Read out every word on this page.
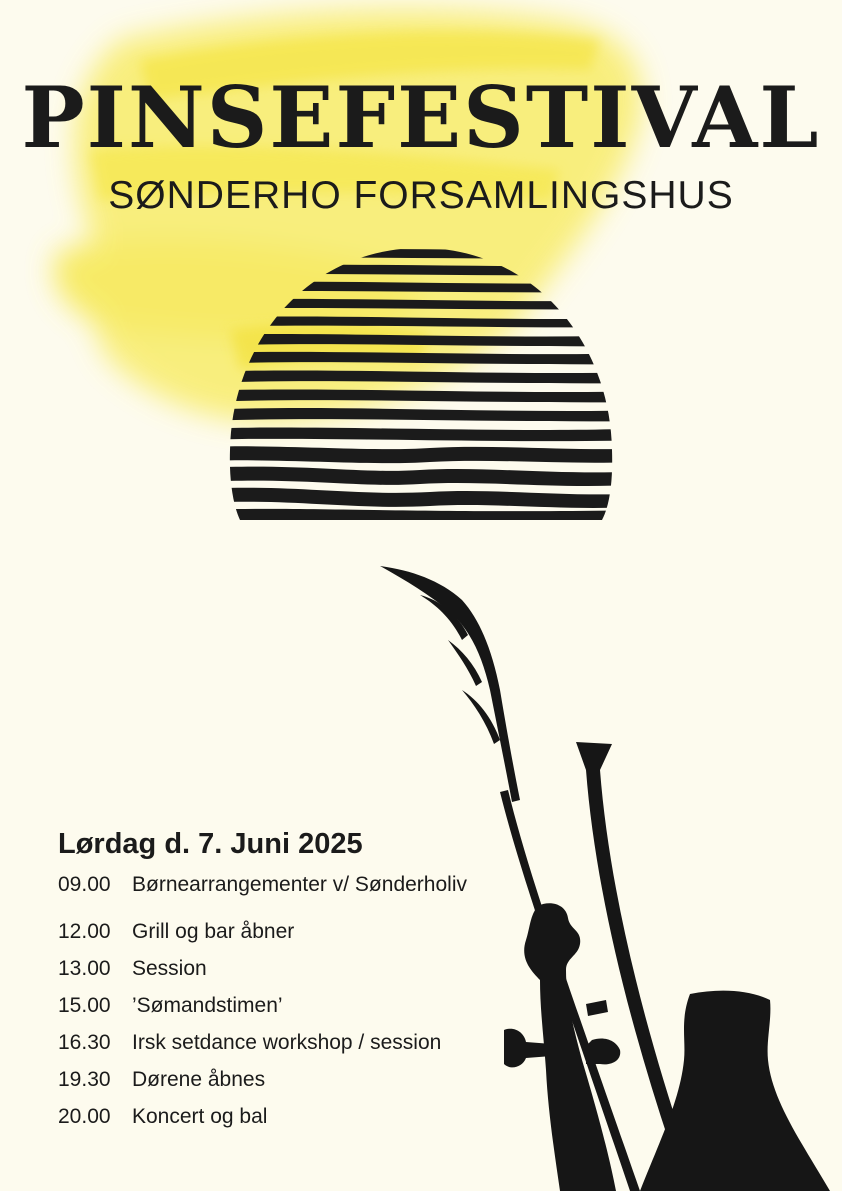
PINSEFESTIVAL
SØNDERHO FORSAMLINGSHUS
Lørdag d. 7. Juni 2025
09.00	Børnearrangementer v/ Sønderholiv
12.00	Grill og bar åbner
13.00	Session
15.00	’Sømandstimen’
16.30	Irsk setdance workshop / session
19.30	Dørene åbnes
20.00	Koncert og bal
